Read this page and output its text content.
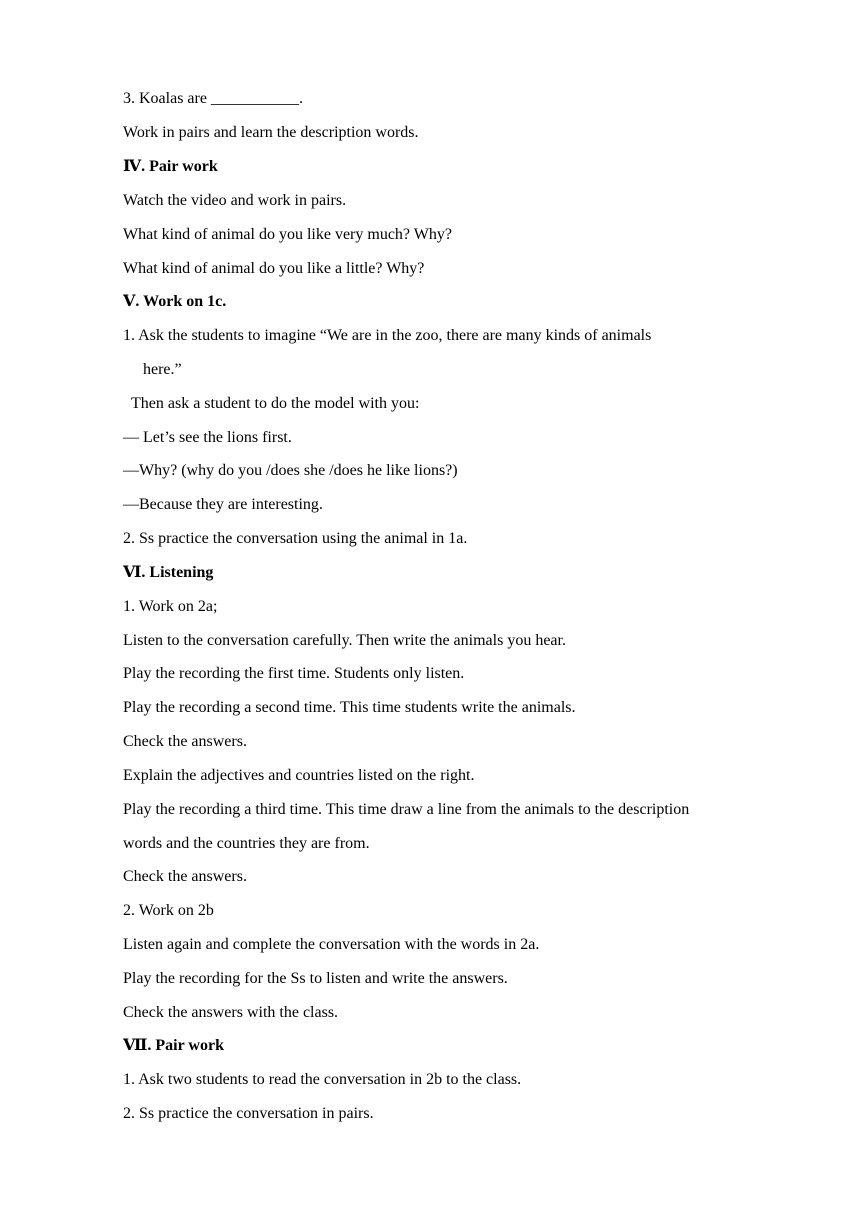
3. Koalas are ___________.
Work in pairs and learn the description words.
Ⅳ. Pair work
Watch the video and work in pairs.
What kind of animal do you like very much? Why?
What kind of animal do you like a little? Why?
Ⅴ. Work on 1c.
1. Ask the students to imagine “We are in the zoo, there are many kinds of animals
here.”
Then ask a student to do the model with you:
— Let’s see the lions first.
—Why? (why do you /does she /does he like lions?)
—Because they are interesting.
2. Ss practice the conversation using the animal in 1a.
Ⅵ. Listening
1. Work on 2a;
Listen to the conversation carefully. Then write the animals you hear.
Play the recording the first time. Students only listen.
Play the recording a second time. This time students write the animals.
Check the answers.
Explain the adjectives and countries listed on the right.
Play the recording a third time. This time draw a line from the animals to the description
words and the countries they are from.
Check the answers.
2. Work on 2b
Listen again and complete the conversation with the words in 2a.
Play the recording for the Ss to listen and write the answers.
Check the answers with the class.
Ⅶ. Pair work
1. Ask two students to read the conversation in 2b to the class.
2. Ss practice the conversation in pairs.
